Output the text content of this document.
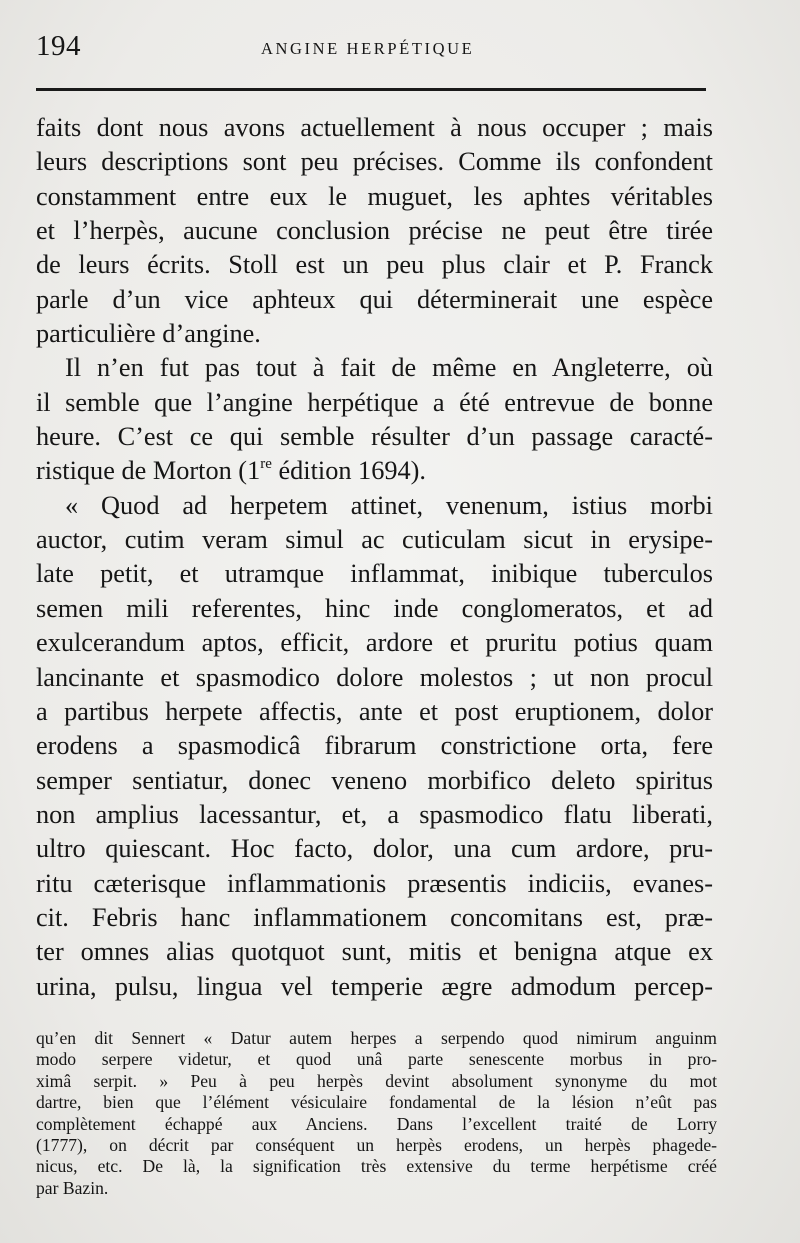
194	ANGINE HERPÉTIQUE
faits dont nous avons actuellement à nous occuper ; mais
leurs descriptions sont peu précises. Comme ils confondent
constamment entre eux le muguet, les aphtes véritables
et l’herpès, aucune conclusion précise ne peut être tirée
de leurs écrits. Stoll est un peu plus clair et P. Franck
parle d’un vice aphteux qui déterminerait une espèce
particulière d’angine.
Il n’en fut pas tout à fait de même en Angleterre, où
il semble que l’angine herpétique a été entrevue de bonne
heure. C’est ce qui semble résulter d’un passage caracté-
ristique de Morton (1re édition 1694).
« Quod ad herpetem attinet, venenum, istius morbi
auctor, cutim veram simul ac cuticulam sicut in erysipe-
late petit, et utramque inflammat, inibique tuberculos
semen mili referentes, hinc inde conglomeratos, et ad
exulcerandum aptos, efficit, ardore et pruritu potius quam
lancinante et spasmodico dolore molestos ; ut non procul
a partibus herpete affectis, ante et post eruptionem, dolor
erodens a spasmodicâ fibrarum constrictione orta, fere
semper sentiatur, donec veneno morbifico deleto spiritus
non amplius lacessantur, et, a spasmodico flatu liberati,
ultro quiescant. Hoc facto, dolor, una cum ardore, pru-
ritu cæterisque inflammationis præsentis indiciis, evanes-
cit. Febris hanc inflammationem concomitans est, præ-
ter omnes alias quotquot sunt, mitis et benigna atque ex
urina, pulsu, lingua vel temperie ægre admodum percep-
qu’en dit Sennert « Datur autem herpes a serpendo quod nimirum anguinm
modo serpere videtur, et quod unâ parte senescente morbus in pro-
ximâ serpit. » Peu à peu herpès devint absolument synonyme du mot
dartre, bien que l’élément vésiculaire fondamental de la lésion n’eût pas
complètement échappé aux Anciens. Dans l’excellent traité de Lorry
(1777), on décrit par conséquent un herpès erodens, un herpès phagede-
nicus, etc. De là, la signification très extensive du terme herpétisme créé
par Bazin.
